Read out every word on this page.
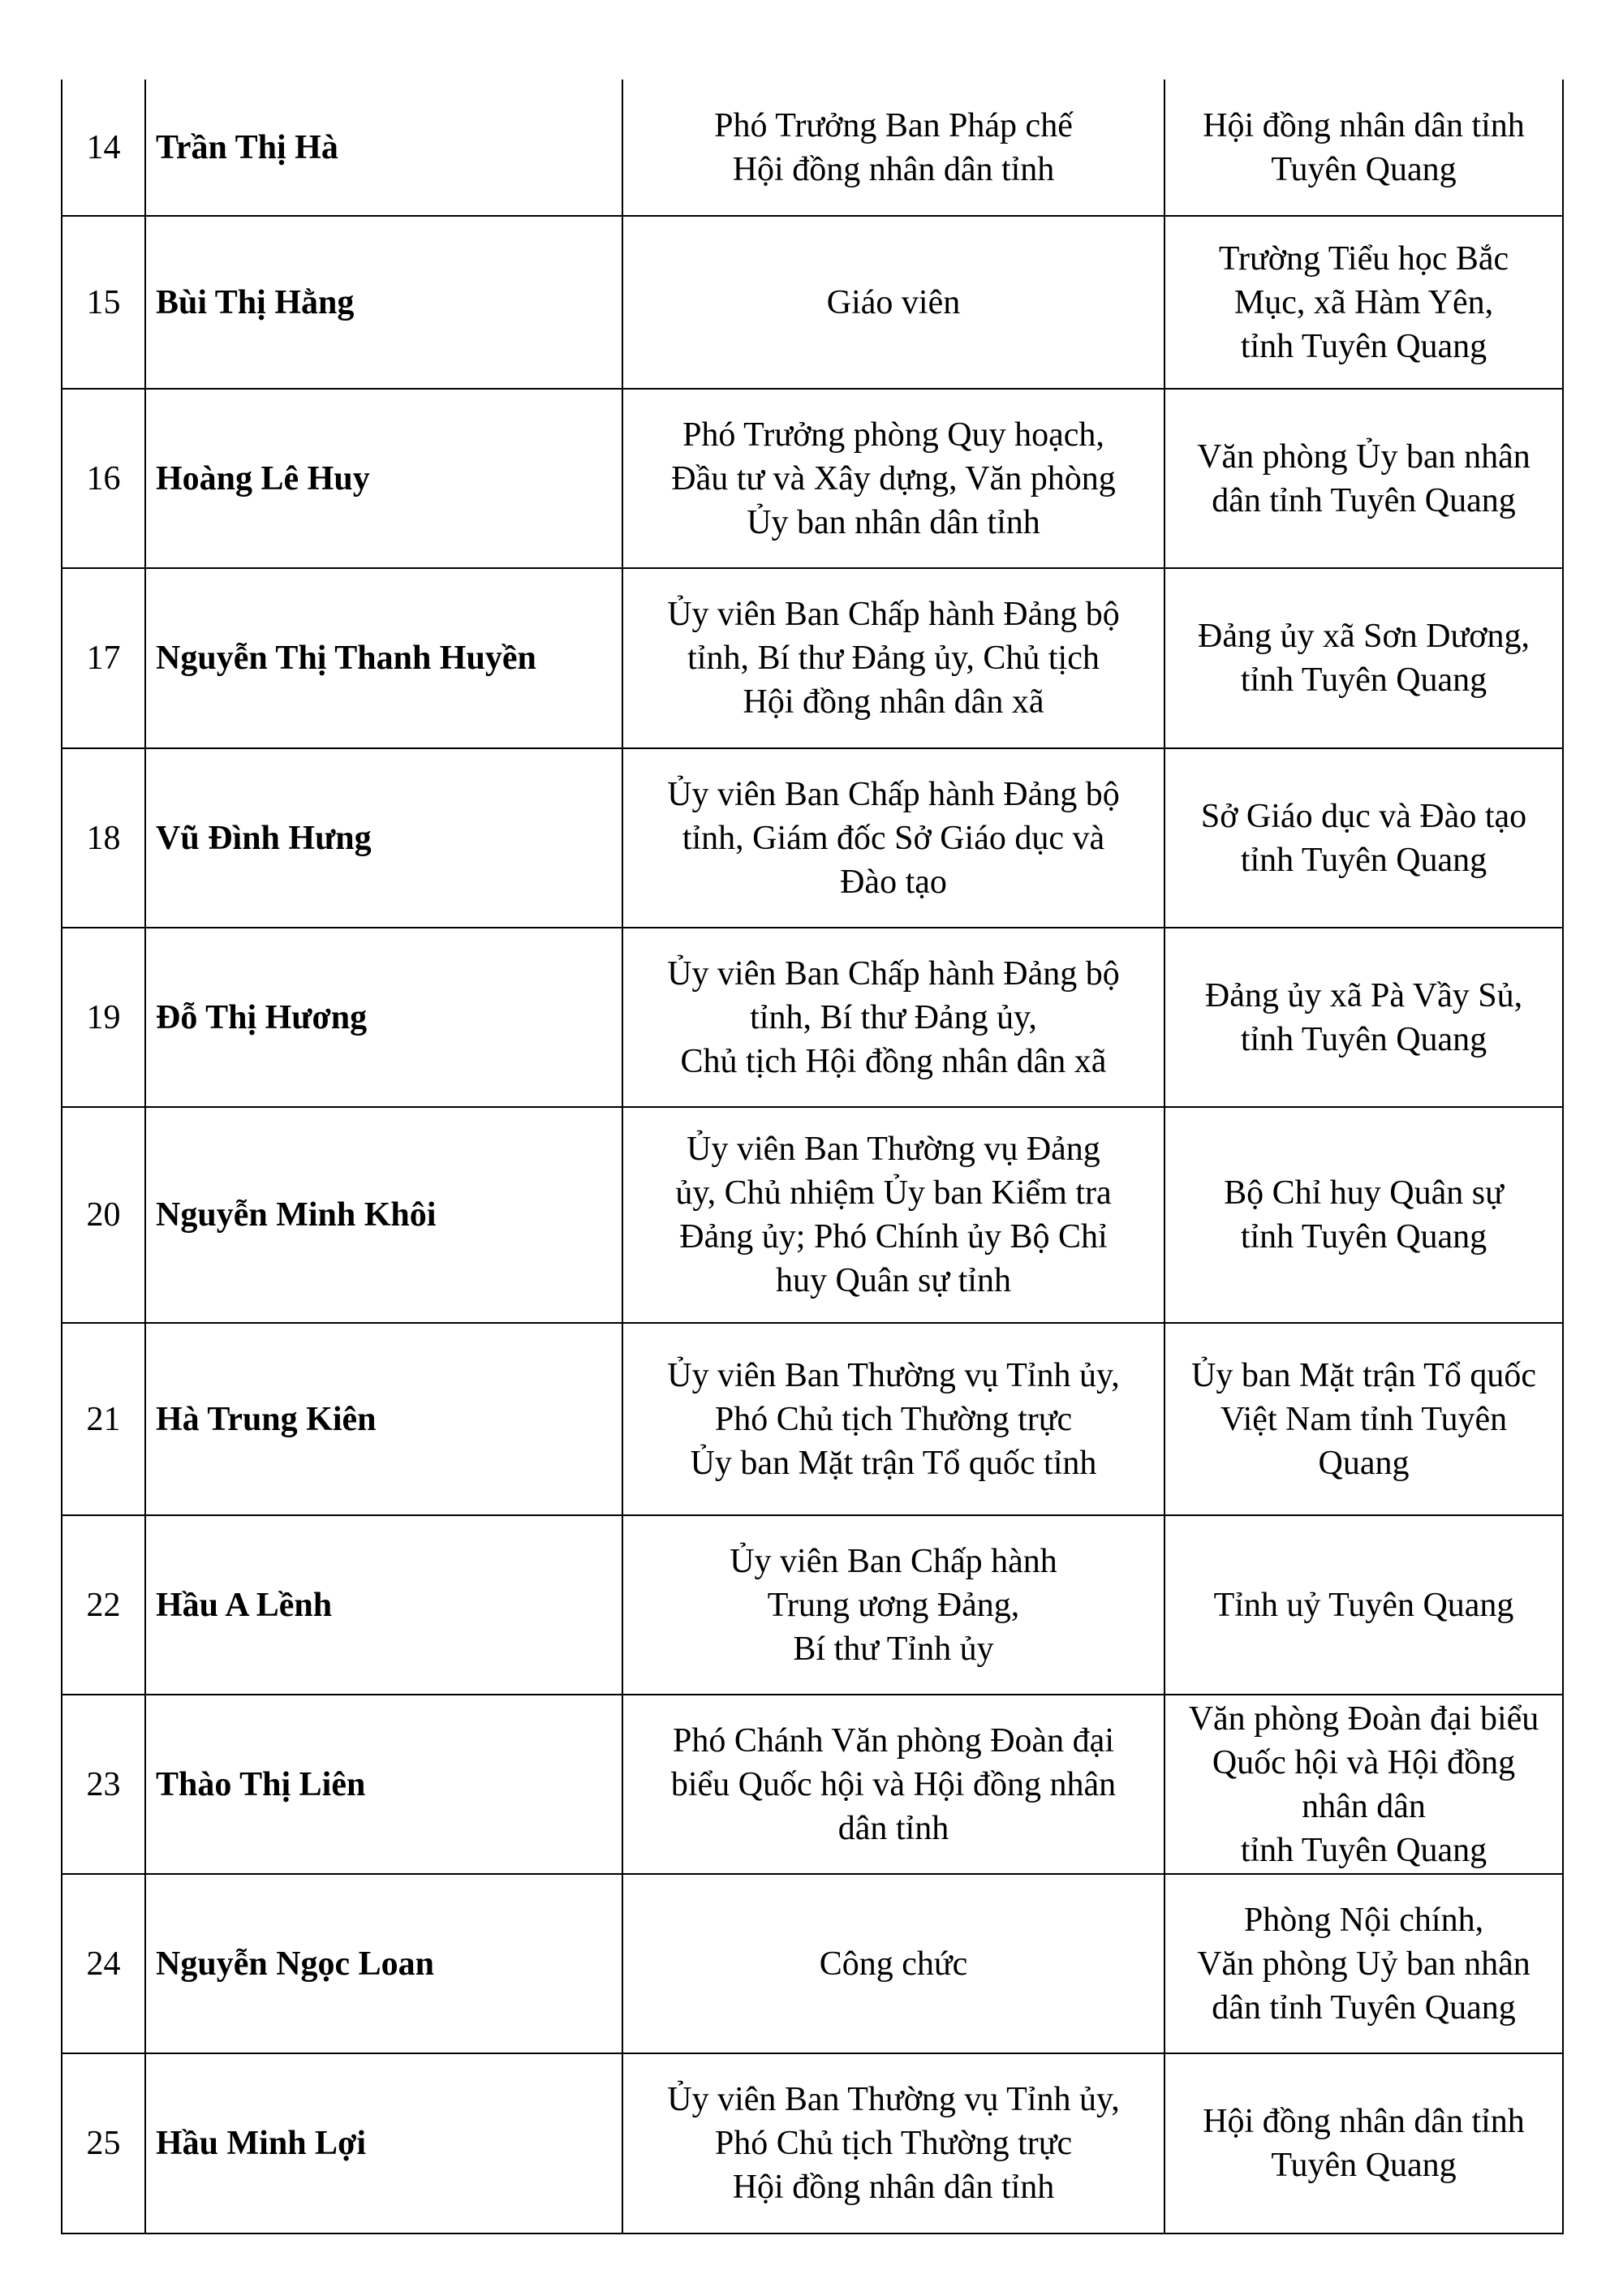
14	Trần Thị Hà	Phó Trưởng Ban Pháp chế
Hội đồng nhân dân tỉnh	Hội đồng nhân dân tỉnh
Tuyên Quang
15	Bùi Thị Hằng	Giáo viên	Trường Tiểu học Bắc
Mục, xã Hàm Yên,
tỉnh Tuyên Quang
16	Hoàng Lê Huy	Phó Trưởng phòng Quy hoạch,
Đầu tư và Xây dựng, Văn phòng
Ủy ban nhân dân tỉnh	Văn phòng Ủy ban nhân
dân tỉnh Tuyên Quang
17	Nguyễn Thị Thanh Huyền	Ủy viên Ban Chấp hành Đảng bộ
tỉnh, Bí thư Đảng ủy, Chủ tịch
Hội đồng nhân dân xã	Đảng ủy xã Sơn Dương,
tỉnh Tuyên Quang
18	Vũ Đình Hưng	Ủy viên Ban Chấp hành Đảng bộ
tỉnh, Giám đốc Sở Giáo dục và
Đào tạo	Sở Giáo dục và Đào tạo
tỉnh Tuyên Quang
19	Đỗ Thị Hương	Ủy viên Ban Chấp hành Đảng bộ
tỉnh, Bí thư Đảng ủy,
Chủ tịch Hội đồng nhân dân xã	Đảng ủy xã Pà Vầy Sủ,
tỉnh Tuyên Quang
20	Nguyễn Minh Khôi	Ủy viên Ban Thường vụ Đảng
ủy, Chủ nhiệm Ủy ban Kiểm tra
Đảng ủy; Phó Chính ủy Bộ Chỉ
huy Quân sự tỉnh	Bộ Chỉ huy Quân sự
tỉnh Tuyên Quang
21	Hà Trung Kiên	Ủy viên Ban Thường vụ Tỉnh ủy,
Phó Chủ tịch Thường trực
Ủy ban Mặt trận Tổ quốc tỉnh	Ủy ban Mặt trận Tổ quốc
Việt Nam tỉnh Tuyên
Quang
22	Hầu A Lềnh	Ủy viên Ban Chấp hành
Trung ương Đảng,
Bí thư Tỉnh ủy	Tỉnh uỷ Tuyên Quang
23	Thào Thị Liên	Phó Chánh Văn phòng Đoàn đại
biểu Quốc hội và Hội đồng nhân
dân tỉnh	Văn phòng Đoàn đại biểu
Quốc hội và Hội đồng
nhân dân
tỉnh Tuyên Quang
24	Nguyễn Ngọc Loan	Công chức	Phòng Nội chính,
Văn phòng Uỷ ban nhân
dân tỉnh Tuyên Quang
25	Hầu Minh Lợi	Ủy viên Ban Thường vụ Tỉnh ủy,
Phó Chủ tịch Thường trực
Hội đồng nhân dân tỉnh	Hội đồng nhân dân tỉnh
Tuyên Quang
